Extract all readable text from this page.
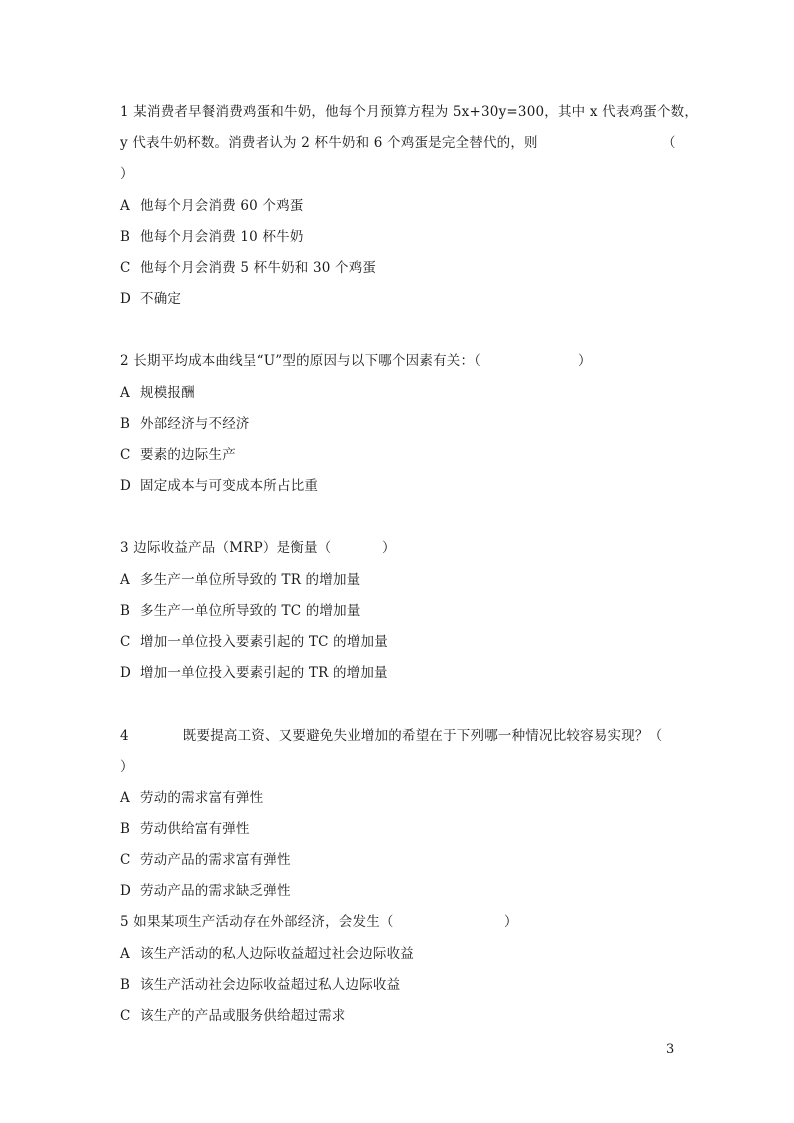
1 某消费者早餐消费鸡蛋和牛奶，他每个月预算方程为 5x+30y=300，其中 x 代表鸡蛋个数，
y 代表牛奶杯数。消费者认为 2 杯牛奶和 6 个鸡蛋是完全替代的，则	（
）
A 他每个月会消费 60 个鸡蛋
B 他每个月会消费 10 杯牛奶
C 他每个月会消费 5 杯牛奶和 30 个鸡蛋
D 不确定
2 长期平均成本曲线呈“U”型的原因与以下哪个因素有关：（	）
A 规模报酬
B 外部经济与不经济
C 要素的边际生产
D 固定成本与可变成本所占比重
3 边际收益产品（MRP）是衡量（	）
A 多生产一单位所导致的 TR 的增加量
B 多生产一单位所导致的 TC 的增加量
C 增加一单位投入要素引起的 TC 的增加量
D 增加一单位投入要素引起的 TR 的增加量
4	既要提高工资、又要避免失业增加的希望在于下列哪一种情况比较容易实现？（
）
A 劳动的需求富有弹性
B 劳动供给富有弹性
C 劳动产品的需求富有弹性
D 劳动产品的需求缺乏弹性
5 如果某项生产活动存在外部经济，会发生（	）
A 该生产活动的私人边际收益超过社会边际收益
B 该生产活动社会边际收益超过私人边际收益
C 该生产的产品或服务供给超过需求
3
